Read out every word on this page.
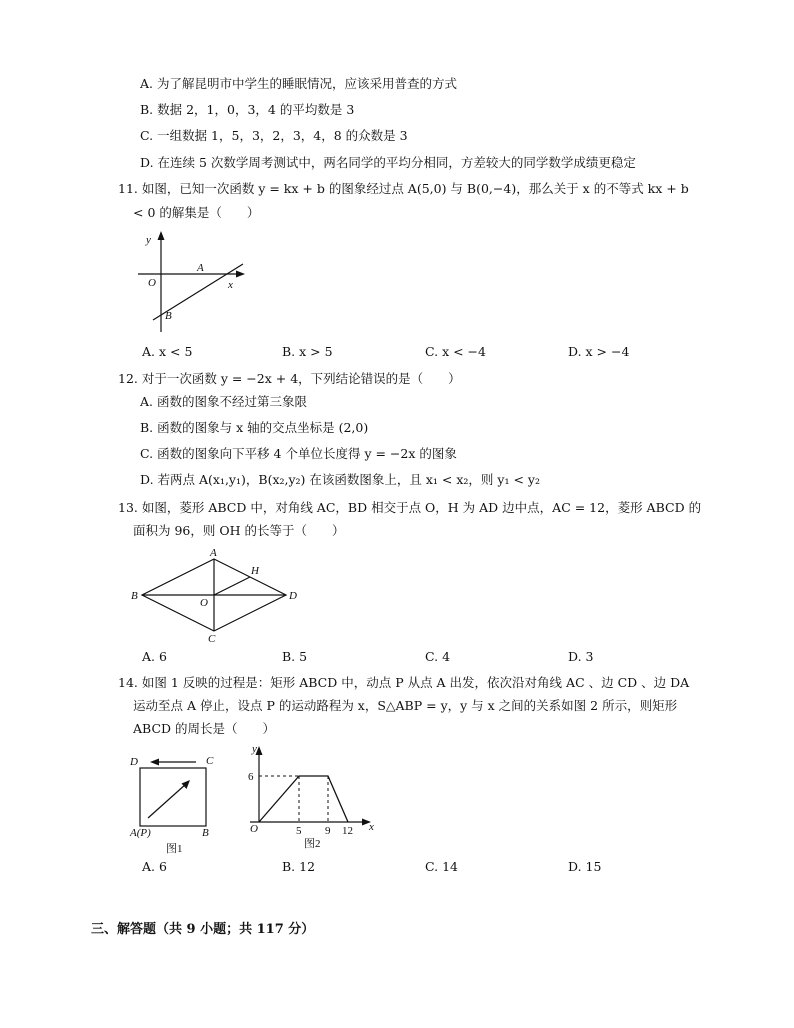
A. 为了解昆明市中学生的睡眠情况，应该采用普查的方式
B. 数据 2，1，0，3，4 的平均数是 3
C. 一组数据 1，5，3，2，3，4，8 的众数是 3
D. 在连续 5 次数学周考测试中，两名同学的平均分相同，方差较大的同学数学成绩更稳定
11. 如图，已知一次函数 y = kx + b 的图象经过点 A(5,0) 与 B(0,−4)，那么关于 x 的不等式 kx + b
< 0 的解集是（　　）
y
O
A
x
B
A. x < 5	B. x > 5	C. x < −4	D. x > −4
12. 对于一次函数 y = −2x + 4，下列结论错误的是（　　）
A. 函数的图象不经过第三象限
B. 函数的图象与 x 轴的交点坐标是 (2,0)
C. 函数的图象向下平移 4 个单位长度得 y = −2x 的图象
D. 若两点 A(x₁,y₁)，B(x₂,y₂) 在该函数图象上，且 x₁ < x₂，则 y₁ < y₂
13. 如图，菱形 ABCD 中，对角线 AC，BD 相交于点 O，H 为 AD 边中点，AC = 12，菱形 ABCD 的
面积为 96，则 OH 的长等于（　　）
A
H
B
O
D
C
A. 6	B. 5	C. 4	D. 3
14. 如图 1 反映的过程是：矩形 ABCD 中，动点 P 从点 A 出发，依次沿对角线 AC 、边 CD 、边 DA
运动至点 A 停止，设点 P 的运动路程为 x，S△ABP = y，y 与 x 之间的关系如图 2 所示，则矩形
ABCD 的周长是（　　）
D	C
A(P)	B
图1
y
6
O	5 9 12 x
图2
A. 6	B. 12	C. 14	D. 15
三、解答题（共 9 小题；共 117 分）
